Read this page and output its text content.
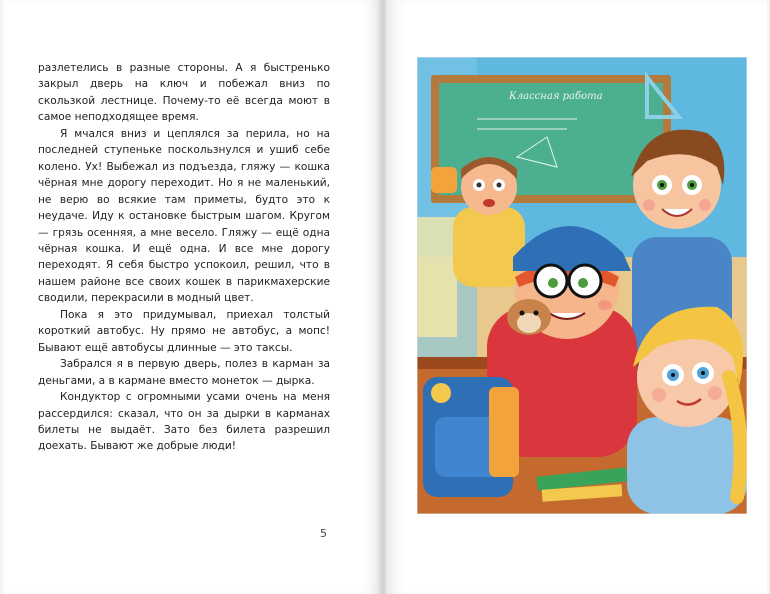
разлетелись в разные стороны. А я быстренько закрыл дверь на ключ и побежал вниз по скользкой лестнице. Почему-то её всегда моют в самое неподходящее время.

Я мчался вниз и цеплялся за перила, но на последней ступеньке поскользнулся и ушиб себе колено. Ух! Выбежал из подъезда, гляжу — кошка чёрная мне дорогу переходит. Но я не маленький, не верю во всякие там приметы, будто это к неудаче. Иду к остановке быстрым шагом. Кругом — грязь осенняя, а мне весело. Гляжу — ещё одна чёрная кошка. И ещё одна. И все мне дорогу переходят. Я себя быстро успокоил, решил, что в нашем районе все своих кошек в парикмахерские сводили, перекрасили в модный цвет.

Пока я это придумывал, приехал толстый короткий автобус. Ну прямо не автобус, а мопс! Бывают ещё автобусы длинные — это таксы.

Забрался я в первую дверь, полез в карман за деньгами, а в кармане вместо монеток — дырка.

Кондуктор с огромными усами очень на меня рассердился: сказал, что он за дырки в карманах билеты не выдаёт. Зато без билета разрешил доехать. Бывают же добрые люди!

5
Классная работа
